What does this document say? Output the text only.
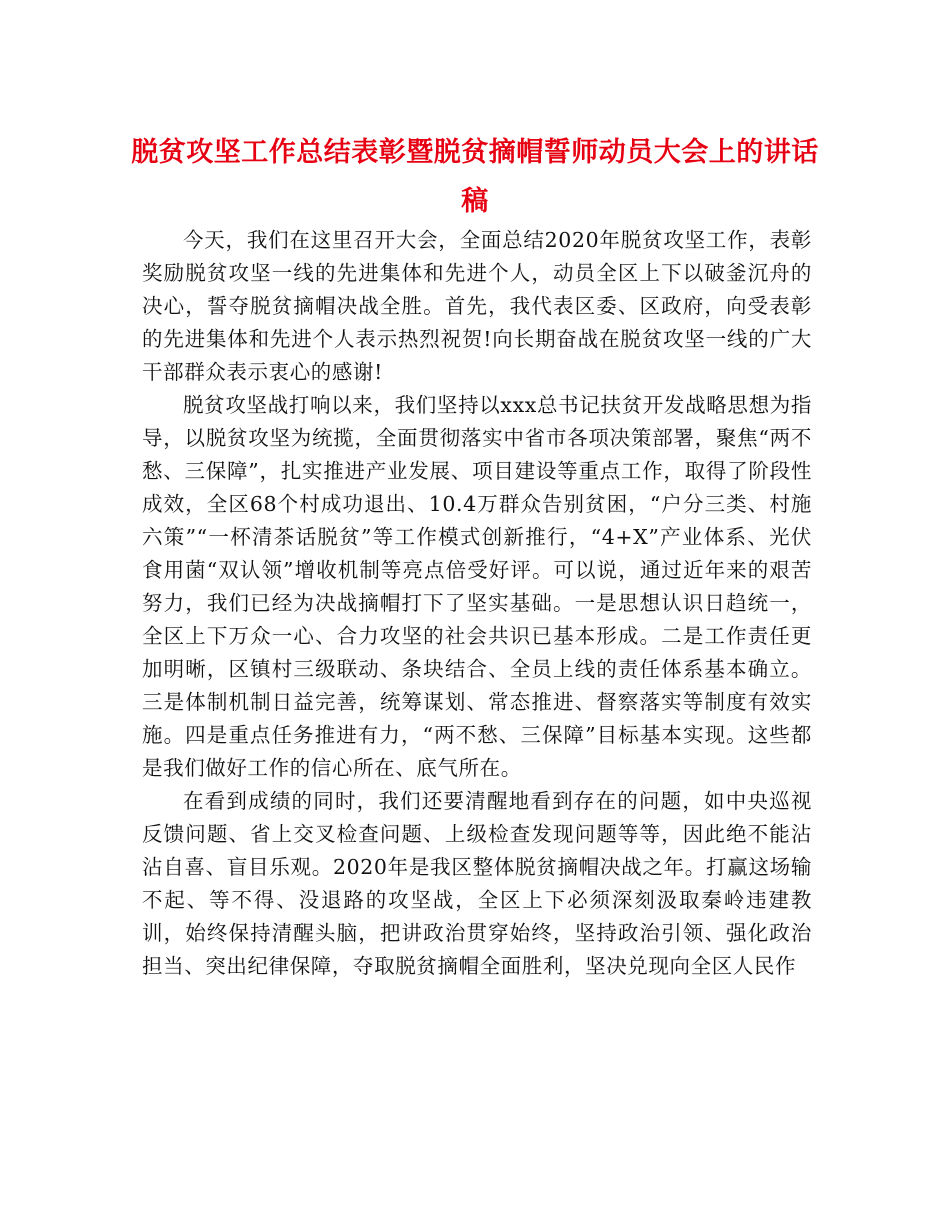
脱贫攻坚工作总结表彰暨脱贫摘帽誓师动员大会上的讲话稿

今天，我们在这里召开大会，全面总结2020年脱贫攻坚工作，表彰奖励脱贫攻坚一线的先进集体和先进个人，动员全区上下以破釜沉舟的决心，誓夺脱贫摘帽决战全胜。首先，我代表区委、区政府，向受表彰的先进集体和先进个人表示热烈祝贺!向长期奋战在脱贫攻坚一线的广大干部群众表示衷心的感谢!

脱贫攻坚战打响以来，我们坚持以xxx总书记扶贫开发战略思想为指导，以脱贫攻坚为统揽，全面贯彻落实中省市各项决策部署，聚焦“两不愁、三保障”，扎实推进产业发展、项目建设等重点工作，取得了阶段性成效，全区68个村成功退出、10.4万群众告别贫困，“户分三类、村施六策”“一杯清茶话脱贫”等工作模式创新推行，“4+X”产业体系、光伏食用菌“双认领”增收机制等亮点倍受好评。可以说，通过近年来的艰苦努力，我们已经为决战摘帽打下了坚实基础。一是思想认识日趋统一，全区上下万众一心、合力攻坚的社会共识已基本形成。二是工作责任更加明晰，区镇村三级联动、条块结合、全员上线的责任体系基本确立。三是体制机制日益完善，统筹谋划、常态推进、督察落实等制度有效实施。四是重点任务推进有力，“两不愁、三保障”目标基本实现。这些都是我们做好工作的信心所在、底气所在。

在看到成绩的同时，我们还要清醒地看到存在的问题，如中央巡视反馈问题、省上交叉检查问题、上级检查发现问题等等，因此绝不能沾沾自喜、盲目乐观。2020年是我区整体脱贫摘帽决战之年。打赢这场输不起、等不得、没退路的攻坚战，全区上下必须深刻汲取秦岭违建教训，始终保持清醒头脑，把讲政治贯穿始终，坚持政治引领、强化政治担当、突出纪律保障，夺取脱贫摘帽全面胜利，坚决兑现向全区人民作
